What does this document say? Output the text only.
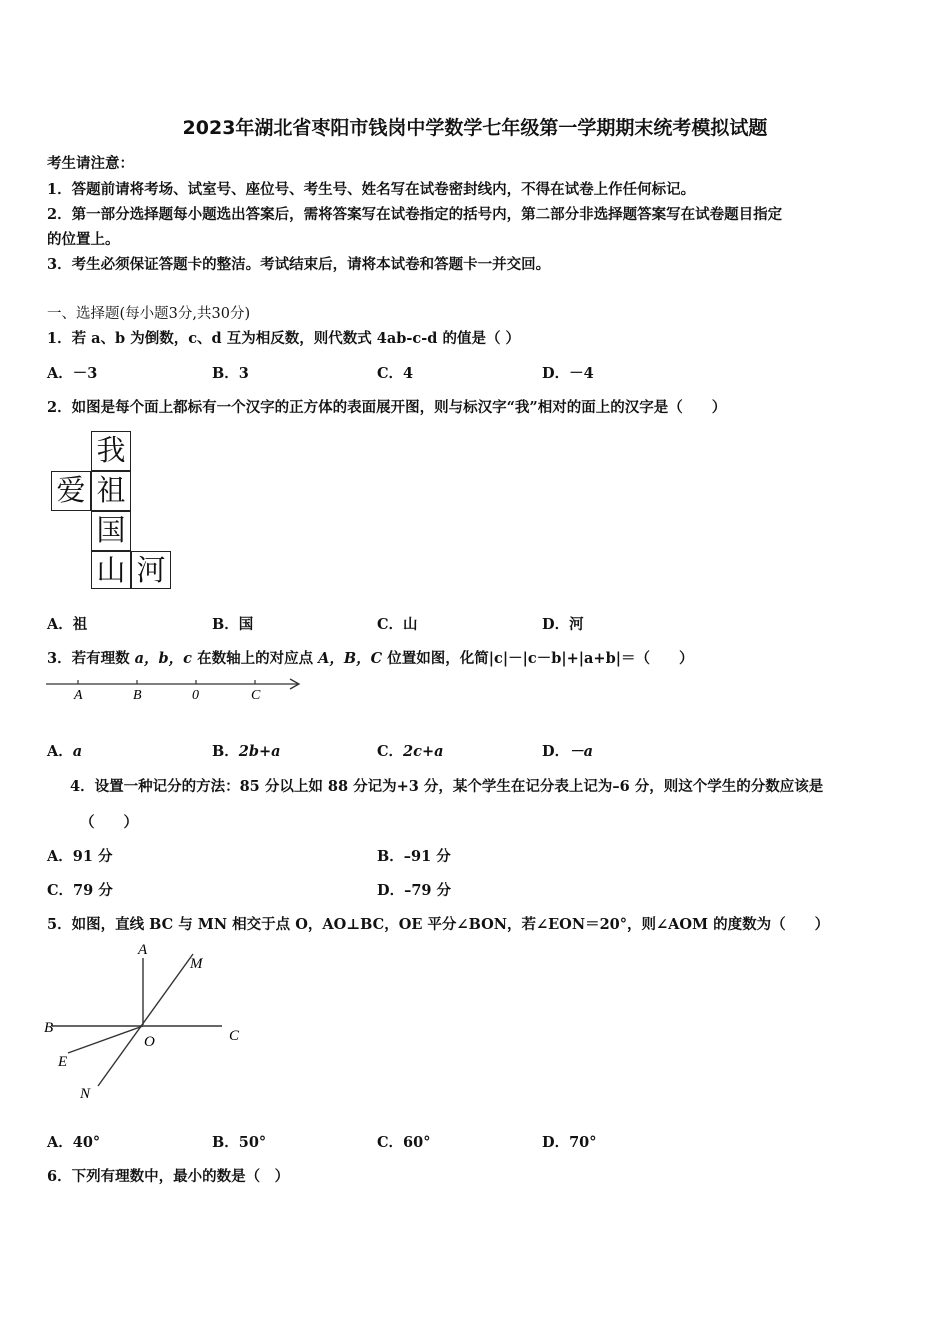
2023年湖北省枣阳市钱岗中学数学七年级第一学期期末统考模拟试题
考生请注意：
1．答题前请将考场、试室号、座位号、考生号、姓名写在试卷密封线内，不得在试卷上作任何标记。
2．第一部分选择题每小题选出答案后，需将答案写在试卷指定的括号内，第二部分非选择题答案写在试卷题目指定
的位置上。
3．考生必须保证答题卡的整洁。考试结束后，请将本试卷和答题卡一并交回。
一、选择题(每小题3分,共30分)
1．若 a、b 为倒数，c、d 互为相反数，则代数式 4ab-c-d 的值是（ ）
A．－3	B．3	C．4	D．－4
2．如图是每个面上都标有一个汉字的正方体的表面展开图，则与标汉字“我”相对的面上的汉字是（　　）
我
爱 祖
国
山 河
A．祖	B．国	C．山	D．河
3．若有理数 a，b，c 在数轴上的对应点 A，B，C 位置如图，化简|c|－|c－b|+|a+b|＝（　　）
A	B	0	C
A．a	B．2b+a	C．2c+a	D．－a
4．设置一种记分的方法：85 分以上如 88 分记为+3 分，某个学生在记分表上记为–6 分，则这个学生的分数应该是
（　　）
A．91 分	B．–91 分
C．79 分	D．–79 分
5．如图，直线 BC 与 MN 相交于点 O，AO⊥BC，OE 平分∠BON，若∠EON＝20°，则∠AOM 的度数为（　　）
A
M
B
O	C
E
N
A．40°	B．50°	C．60°	D．70°
6．下列有理数中，最小的数是（　）
